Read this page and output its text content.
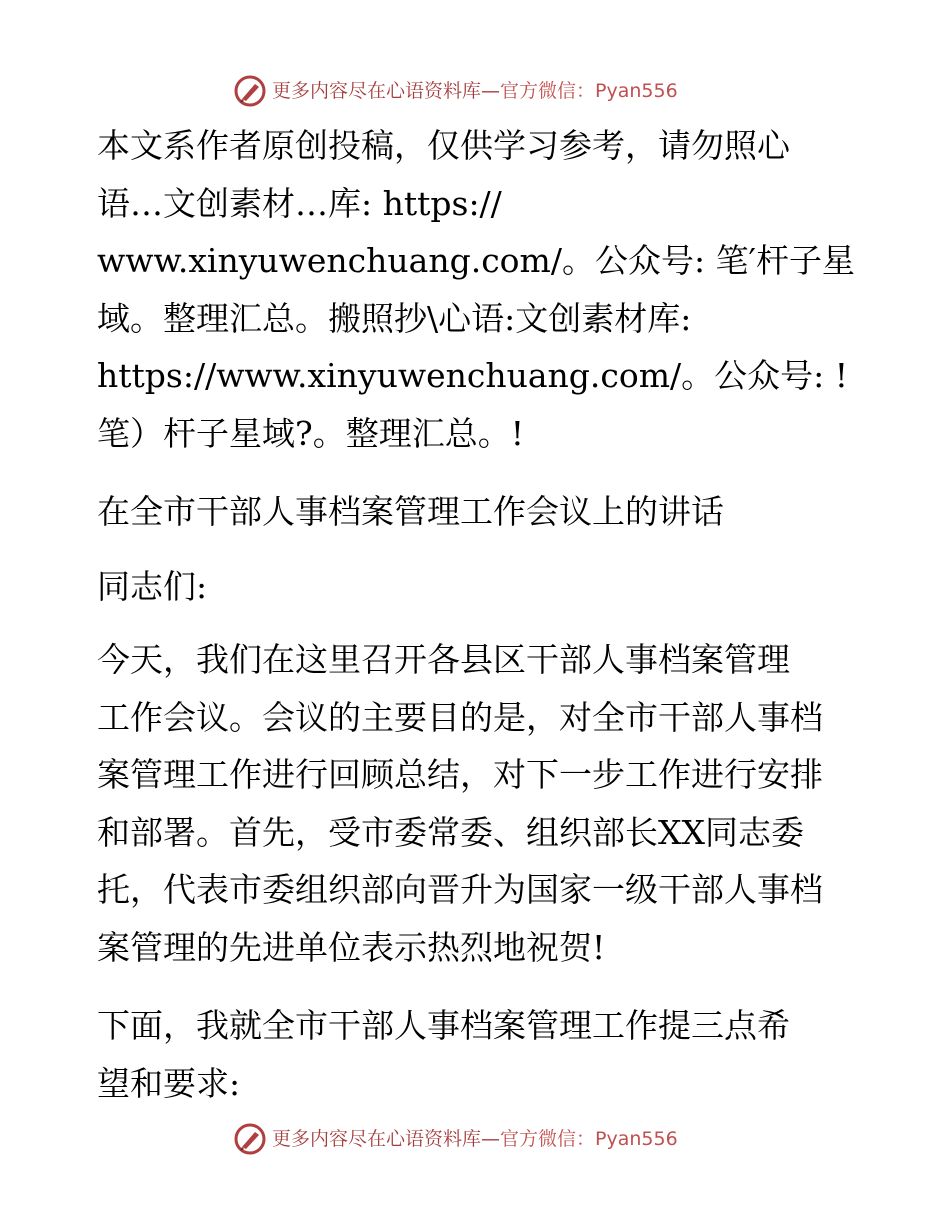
更多内容尽在心语资料库—官方微信：Pyan556
本文系作者原创投稿，仅供学习参考，请勿照心
语…文创素材…库: https://
www.xinyuwenchuang.com/。公众号: 笔′杆子星
域。整理汇总。搬照抄\心语:文创素材库:
https://www.xinyuwenchuang.com/。公众号: !
笔）杆子星域?。整理汇总。!
在全市干部人事档案管理工作会议上的讲话
同志们:
今天，我们在这里召开各县区干部人事档案管理
工作会议。会议的主要目的是，对全市干部人事档
案管理工作进行回顾总结，对下一步工作进行安排
和部署。首先，受市委常委、组织部长XX同志委
托，代表市委组织部向晋升为国家一级干部人事档
案管理的先进单位表示热烈地祝贺!
下面，我就全市干部人事档案管理工作提三点希
望和要求:
更多内容尽在心语资料库—官方微信：Pyan556
